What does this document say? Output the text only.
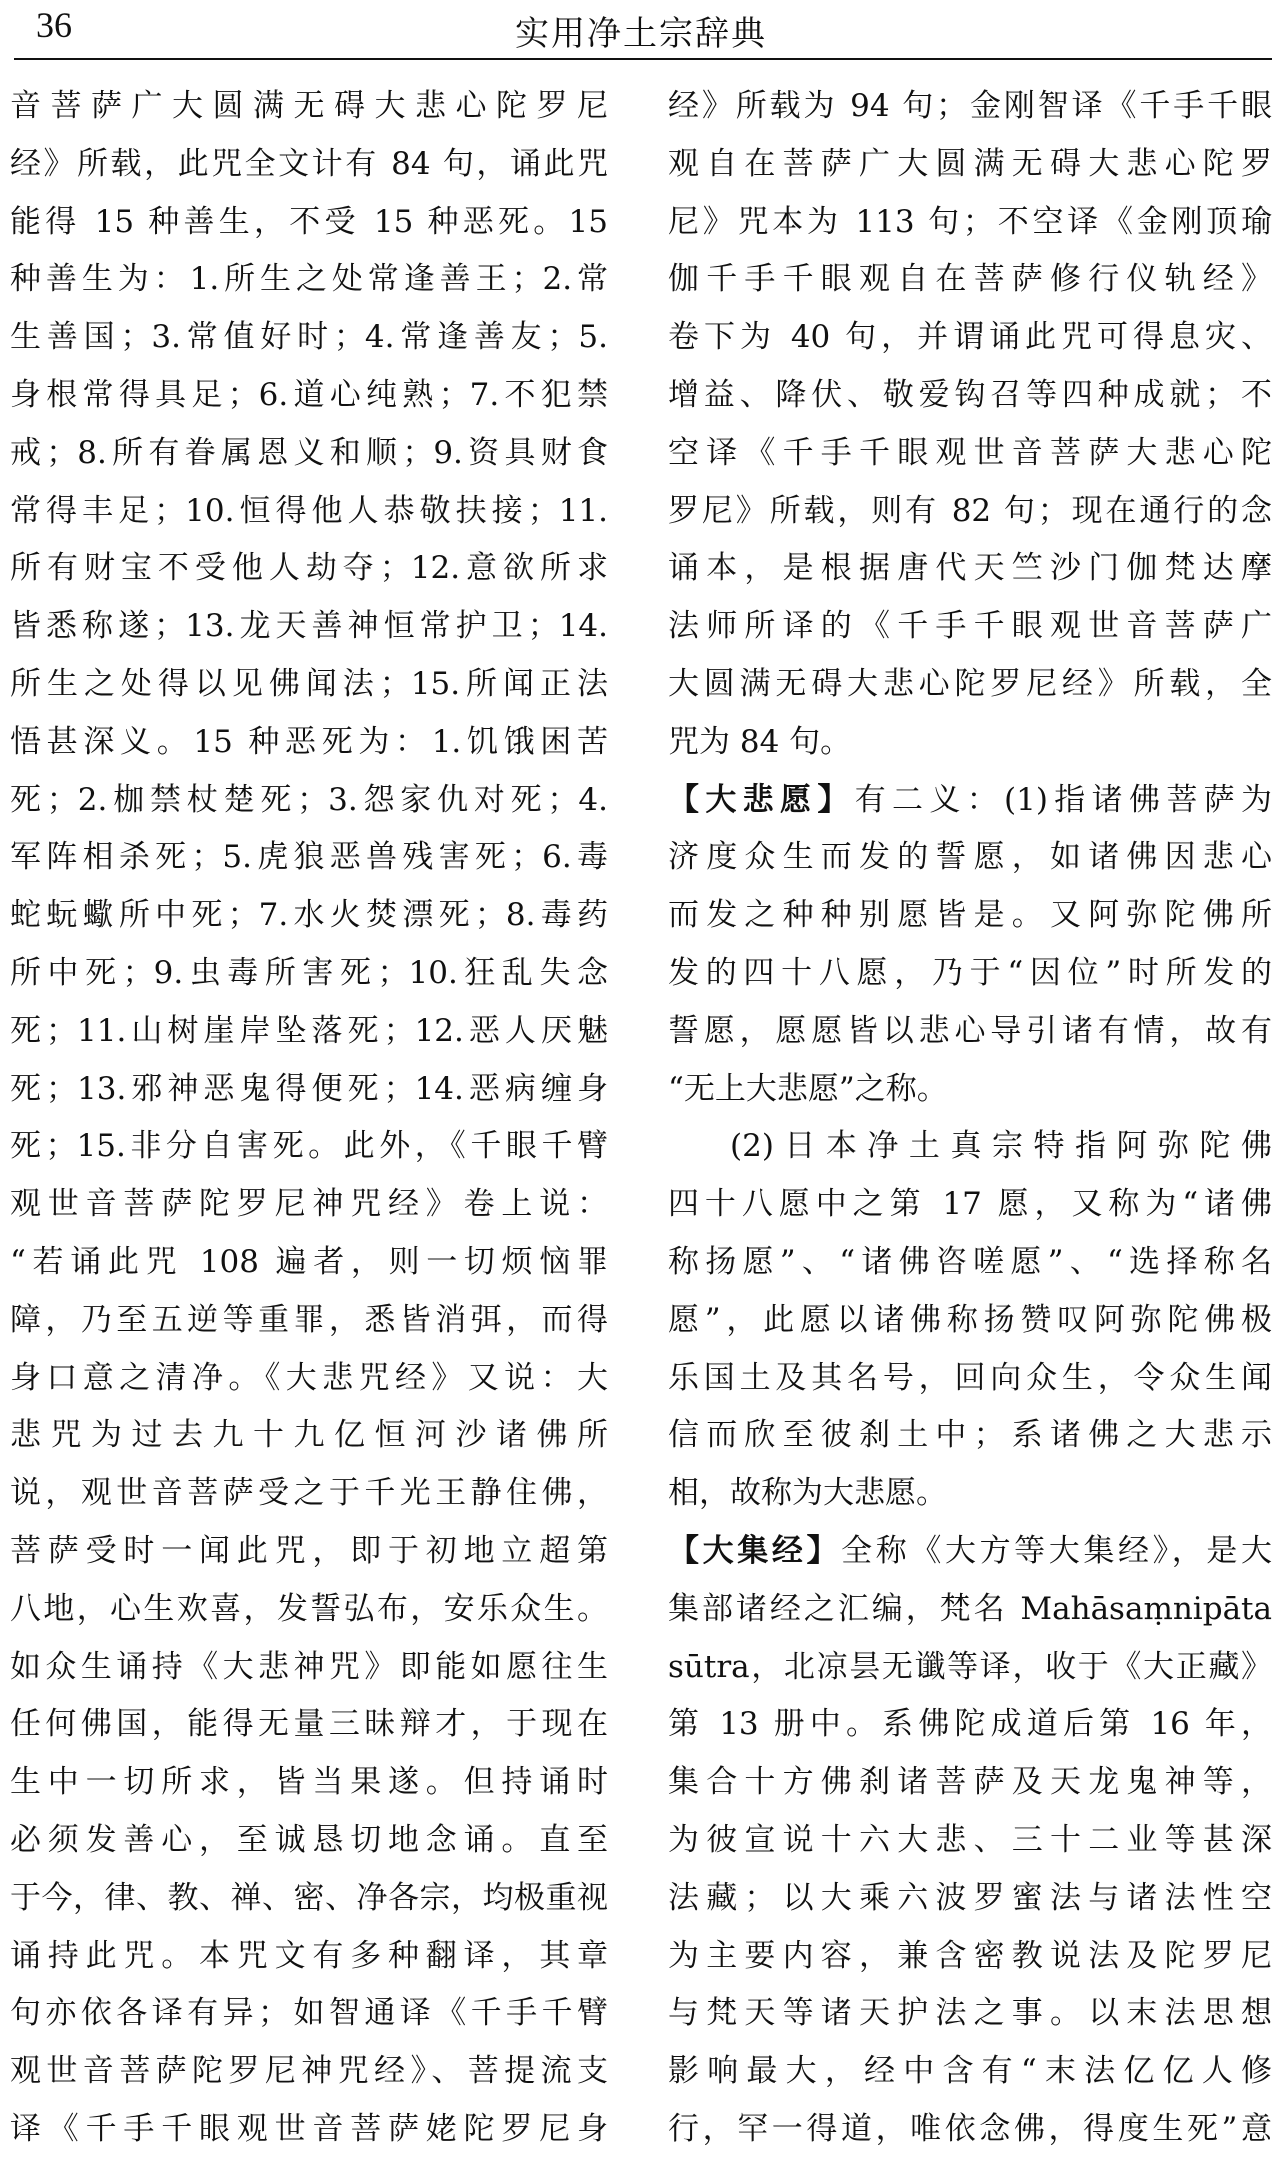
36	实用净土宗辞典
音菩萨广大圆满无碍大悲心陀罗尼
经》所载，此咒全文计有 84 句，诵此咒
能得 15 种善生，不受 15 种恶死。15
种善生为：1.所生之处常逢善王；2.常
生善国；3.常值好时；4.常逢善友；5.
身根常得具足；6.道心纯熟；7.不犯禁
戒；8.所有眷属恩义和顺；9.资具财食
常得丰足；10.恒得他人恭敬扶接；11.
所有财宝不受他人劫夺；12.意欲所求
皆悉称遂；13.龙天善神恒常护卫；14.
所生之处得以见佛闻法；15.所闻正法
悟甚深义。15 种恶死为：1.饥饿困苦
死；2.枷禁杖楚死；3.怨家仇对死；4.
军阵相杀死；5.虎狼恶兽残害死；6.毒
蛇蚖蠍所中死；7.水火焚漂死；8.毒药
所中死；9.虫毒所害死；10.狂乱失念
死；11.山树崖岸坠落死；12.恶人厌魅
死；13.邪神恶鬼得便死；14.恶病缠身
死；15.非分自害死。此外，《千眼千臂
观世音菩萨陀罗尼神咒经》卷上说：
“若诵此咒 108 遍者，则一切烦恼罪
障，乃至五逆等重罪，悉皆消弭，而得
身口意之清净。《大悲咒经》又说：大
悲咒为过去九十九亿恒河沙诸佛所
说，观世音菩萨受之于千光王静住佛，
菩萨受时一闻此咒，即于初地立超第
八地，心生欢喜，发誓弘布，安乐众生。
如众生诵持《大悲神咒》即能如愿往生
任何佛国，能得无量三昧辩才，于现在
生中一切所求，皆当果遂。但持诵时
必须发善心，至诚恳切地念诵。直至
于今，律、教、禅、密、净各宗，均极重视
诵持此咒。本咒文有多种翻译，其章
句亦依各译有异；如智通译《千手千臂
观世音菩萨陀罗尼神咒经》、菩提流支
译《千手千眼观世音菩萨姥陀罗尼身
经》所载为 94 句；金刚智译《千手千眼
观自在菩萨广大圆满无碍大悲心陀罗
尼》咒本为 113 句；不空译《金刚顶瑜
伽千手千眼观自在菩萨修行仪轨经》
卷下为 40 句，并谓诵此咒可得息灾、
增益、降伏、敬爱钩召等四种成就；不
空译《千手千眼观世音菩萨大悲心陀
罗尼》所载，则有 82 句；现在通行的念
诵本，是根据唐代天竺沙门伽梵达摩
法师所译的《千手千眼观世音菩萨广
大圆满无碍大悲心陀罗尼经》所载，全
咒为 84 句。
【大悲愿】有二义：(1)指诸佛菩萨为
济度众生而发的誓愿，如诸佛因悲心
而发之种种别愿皆是。又阿弥陀佛所
发的四十八愿，乃于“因位”时所发的
誓愿，愿愿皆以悲心导引诸有情，故有
“无上大悲愿”之称。
(2)日本净土真宗特指阿弥陀佛
四十八愿中之第 17 愿，又称为“诸佛
称扬愿”、“诸佛咨嗟愿”、“选择称名
愿”，此愿以诸佛称扬赞叹阿弥陀佛极
乐国土及其名号，回向众生，令众生闻
信而欣至彼刹土中；系诸佛之大悲示
相，故称为大悲愿。
【大集经】全称《大方等大集经》，是大
集部诸经之汇编，梵名 Mahāsaṃnipāta
sūtra，北凉昙无谶等译，收于《大正藏》
第 13 册中。系佛陀成道后第 16 年，
集合十方佛刹诸菩萨及天龙鬼神等，
为彼宣说十六大悲、三十二业等甚深
法藏；以大乘六波罗蜜法与诸法性空
为主要内容，兼含密教说法及陀罗尼
与梵天等诸天护法之事。以末法思想
影响最大，经中含有“末法亿亿人修
行，罕一得道，唯依念佛，得度生死”意
